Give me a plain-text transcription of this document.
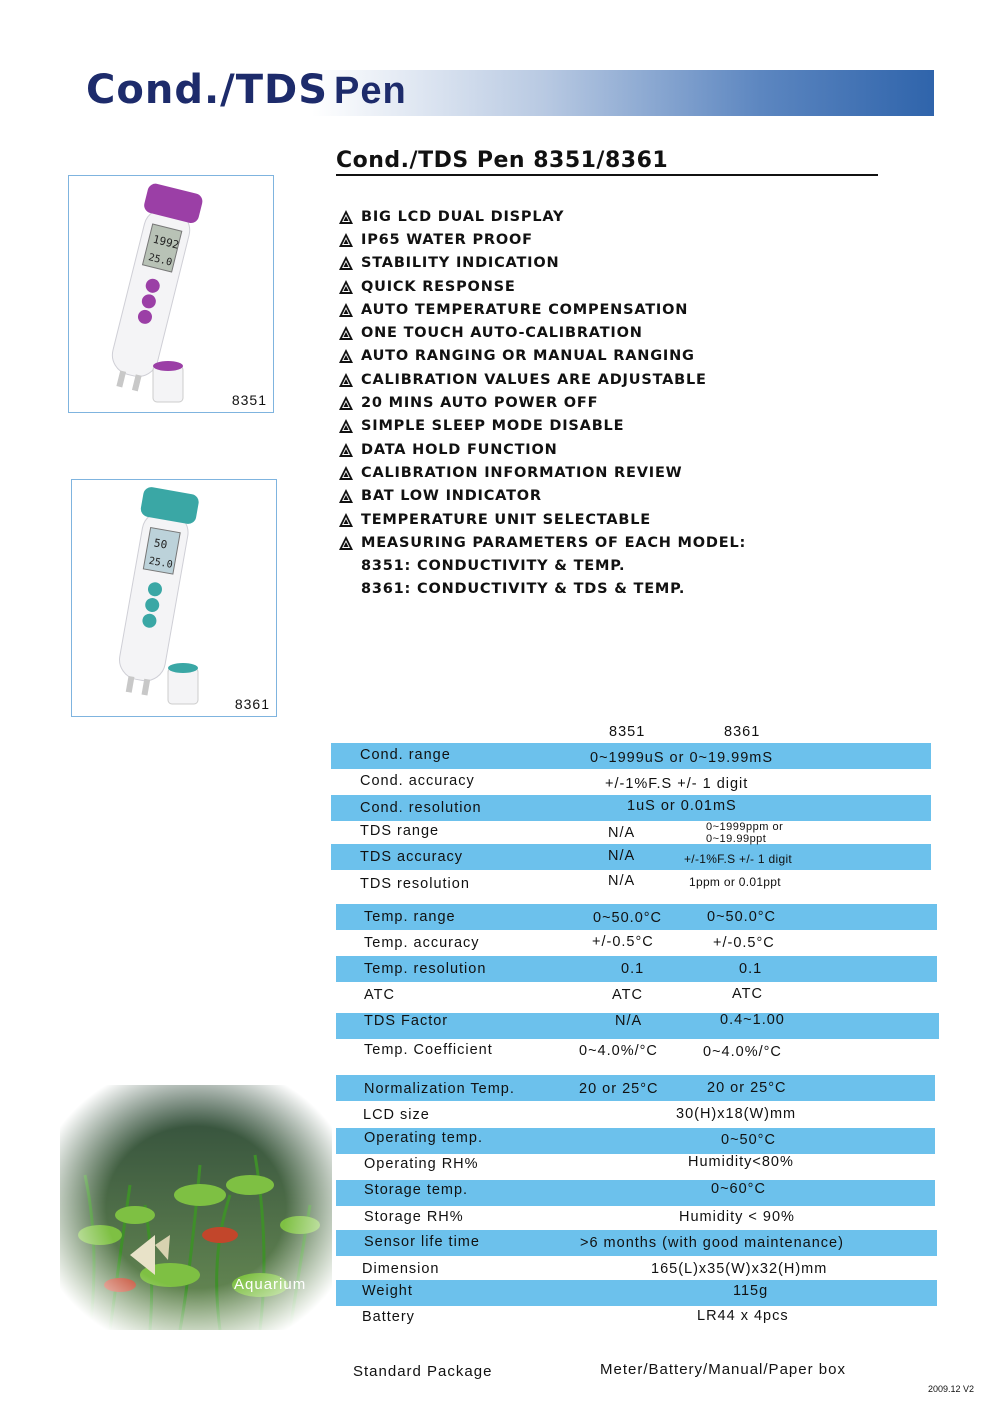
Cond./TDS Pen
Cond./TDS Pen 8351/8361
BIG LCD DUAL DISPLAY
IP65 WATER PROOF
STABILITY INDICATION
QUICK RESPONSE
AUTO TEMPERATURE COMPENSATION
ONE TOUCH AUTO-CALIBRATION
AUTO RANGING OR MANUAL RANGING
CALIBRATION VALUES ARE ADJUSTABLE
20 MINS AUTO POWER OFF
SIMPLE SLEEP MODE DISABLE
DATA HOLD FUNCTION
CALIBRATION INFORMATION REVIEW
BAT LOW INDICATOR
TEMPERATURE UNIT SELECTABLE
MEASURING PARAMETERS OF EACH MODEL:
8351: CONDUCTIVITY & TEMP.
8361: CONDUCTIVITY & TDS & TEMP.
1992
25.0
8351
50
25.0
8361
8351	8361
Cond. range	0~1999uS or 0~19.99mS
Cond. accuracy	+/-1%F.S +/- 1 digit
Cond. resolution	1uS or 0.01mS
TDS range	N/A	0~1999ppm or
0~19.99ppt
TDS accuracy	N/A	+/-1%F.S +/- 1 digit
TDS resolution	N/A	1ppm or 0.01ppt
Temp. range	0~50.0°C	0~50.0°C
Temp. accuracy	+/-0.5°C	+/-0.5°C
Temp. resolution	0.1	0.1
ATC	ATC	ATC
TDS Factor	N/A	0.4~1.00
Temp. Coefficient	0~4.0%/°C	0~4.0%/°C
Normalization Temp.	20 or 25°C	20 or 25°C
LCD size	30(H)x18(W)mm
Operating temp.	0~50°C
Operating RH%	Humidity<80%
Storage temp.	0~60°C
Storage RH%	Humidity < 90%
Sensor life time	>6 months (with good maintenance)
Dimension	165(L)x35(W)x32(H)mm
Weight	115g
Battery	LR44 x 4pcs
Aquarium
Standard Package	Meter/Battery/Manual/Paper box
2009.12 V2
